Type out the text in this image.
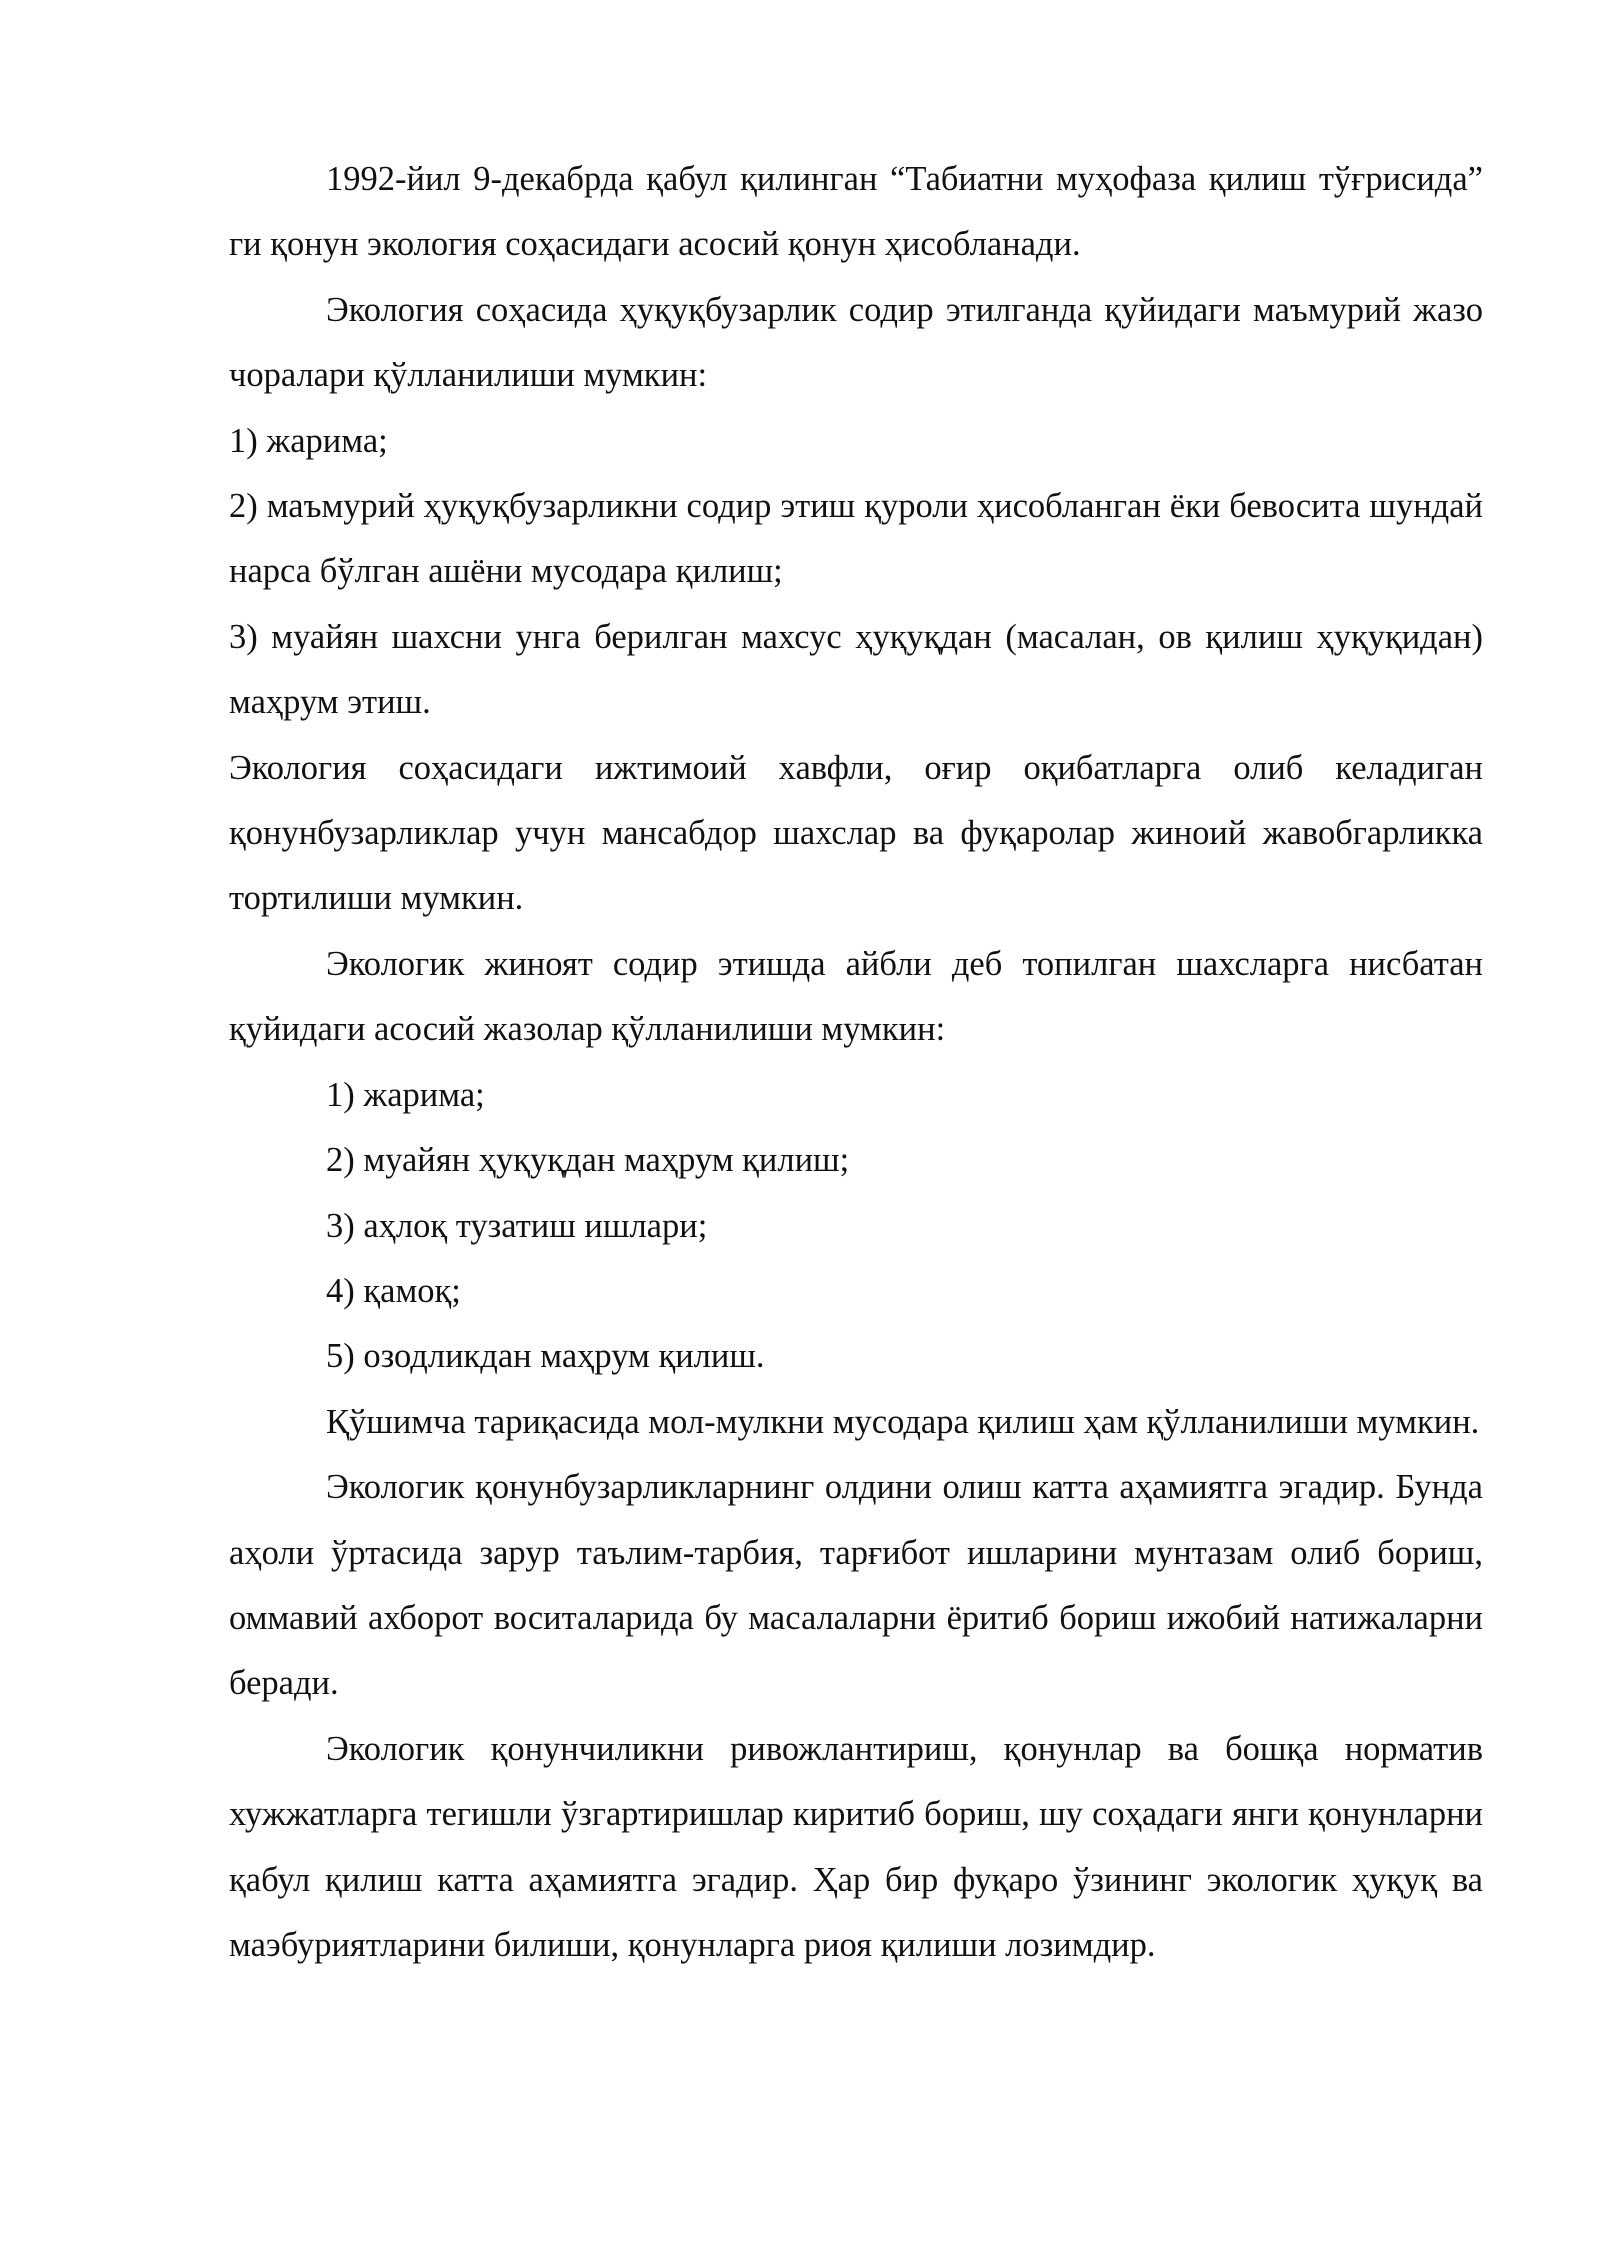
1992-йил 9-декабрда қабул қилинган “Табиатни муҳофаза қилиш тўғрисида” ги қонун экология соҳасидаги асосий қонун ҳисобланади.

Экология соҳасида ҳуқуқбузарлик содир этилганда қуйидаги маъмурий жазо чоралари қўлланилиши мумкин:

1) жарима;

2) маъмурий ҳуқуқбузарликни содир этиш қуроли ҳисобланган ёки бевосита шундай нарса бўлган ашёни мусодара қилиш;

3) муайян шахсни унга берилган махсус ҳуқуқдан (масалан, ов қилиш ҳуқуқидан) маҳрум этиш.

Экология соҳасидаги ижтимоий хавфли, оғир оқибатларга олиб келадиган қонунбузарликлар учун мансабдор шахслар ва фуқаролар жиноий жавобгарликка тортилиши мумкин.

Экологик жиноят содир этишда айбли деб топилган шахсларга нисбатан қуйидаги асосий жазолар қўлланилиши мумкин:

1) жарима;

2) муайян ҳуқуқдан маҳрум қилиш;

3) аҳлоқ тузатиш ишлари;

4) қамоқ;

5) озодликдан маҳрум қилиш.

Қўшимча тариқасида мол-мулкни мусодара қилиш ҳам қўлланилиши мумкин.

Экологик қонунбузарликларнинг олдини олиш катта аҳамиятга эгадир. Бунда аҳоли ўртасида зарур таълим-тарбия, тарғибот ишларини мунтазам олиб бориш, оммавий ахборот воситаларида бу масалаларни ёритиб бориш ижобий натижаларни беради.

Экологик қонунчиликни ривожлантириш, қонунлар ва бошқа норматив хужжатларга тегишли ўзгартиришлар киритиб бориш, шу соҳадаги янги қонунларни қабул қилиш катта аҳамиятга эгадир. Ҳар бир фуқаро ўзининг экологик ҳуқуқ ва маэбуриятларини билиши, қонунларга риоя қилиши лозимдир.
